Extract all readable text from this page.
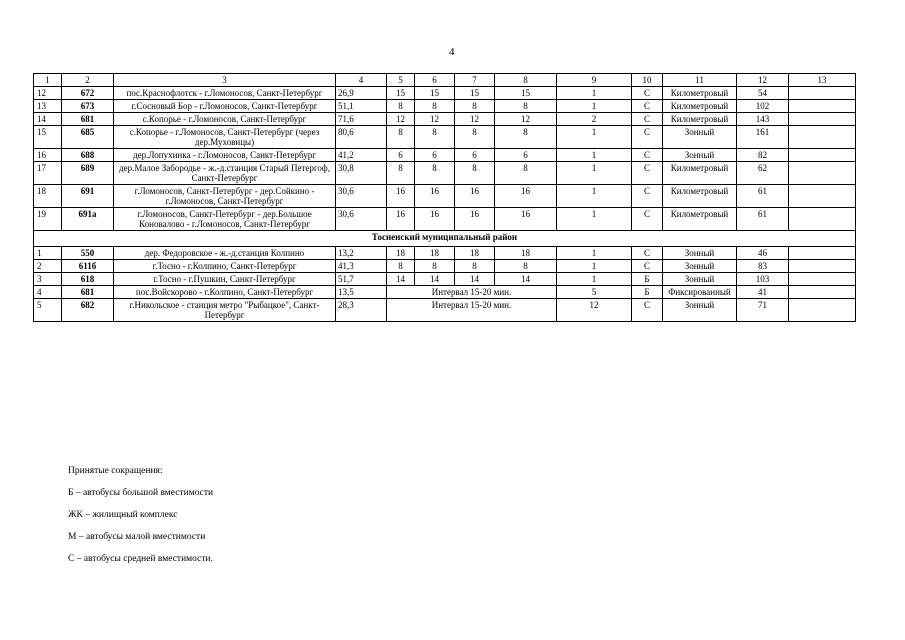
4
1	2	3	4	5	6	7	8	9	10	11	12	13
12	672	пос.Краснофлотск - г.Ломоносов, Санкт-Петербург	26,9	15	15	15	15	1	С	Километровый	54	
13	673	г.Сосновый Бор - г.Ломоносов, Санкт-Петербург	51,1	8	8	8	8	1	С	Километровый	102	
14	681	с.Копорье - г.Ломоносов, Санкт-Петербург	71,6	12	12	12	12	2	С	Километровый	143	
15	685	с.Копорье - г.Ломоносов, Санкт-Петербург (через дер.Муховицы)	80,6	8	8	8	8	1	С	Зонный	161	
16	688	дер.Лопухинка - г.Ломоносов, Санкт-Петербург	41,2	6	6	6	6	1	С	Зонный	82	
17	689	дер.Малое Забородье - ж.-д.станция Старый Петергоф, Санкт-Петербург	30,8	8	8	8	8	1	С	Километровый	62	
18	691	г.Ломоносов, Санкт-Петербург - дер.Сойкино - г.Ломоносов, Санкт-Петербург	30,6	16	16	16	16	1	С	Километровый	61	
19	691а	г.Ломоносов, Санкт-Петербург - дер.Большое Коноваловo - г.Ломоносов, Санкт-Петербург	30,6	16	16	16	16	1	С	Километровый	61	
Тосненский муниципальный район												
1	550	дер. Федоровское - ж.-д.станция Колпино	13,2	18	18	18	18	1	С	Зонный	46	
2	611б	г.Тосно - г.Колпино, Санкт-Петербург	41,3	8	8	8	8	1	С	Зонный	83	
3	618	г.Тосно - г.Пушкин, Санкт-Петербург	51,7	14	14	14	14	1	Б	Зонный	103	
4	681	пос.Войскорово - г.Колпино, Санкт-Петербург	13,5	Интервал 15-20 мин.				5	Б	Фиксированный	41	
5	682	г.Никольское - станция метро "Рыбацкое", Санкт-Петербург	28,3	Интервал 15-20 мин.				12	С	Зонный	71	
Принятые сокращения:
Б – автобусы большой вместимости
ЖК – жилищный комплекс
М – автобусы малой вместимости
С – автобусы средней вместимости.
